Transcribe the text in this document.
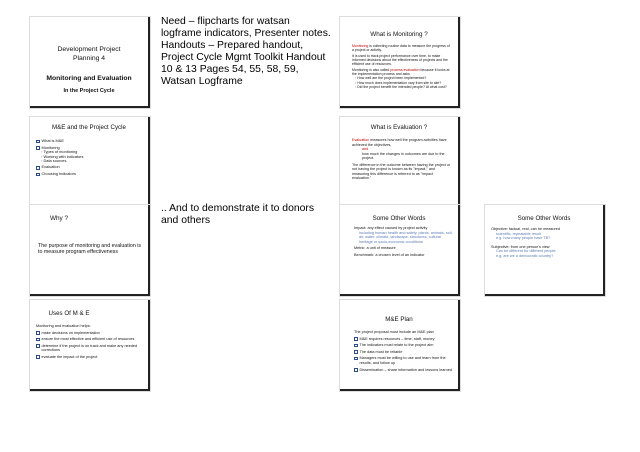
Need – flipcharts for watsan
logframe indicators, Presenter notes.
Handouts – Prepared handout,
Project Cycle Mgmt Toolkit Handout
10 & 13 Pages 54, 55, 58, 59,
Watsan Logframe
.. And to demonstrate it to donors
and others
Development Project
Planning 4
Monitoring and Evaluation
In the Project Cycle
What is Monitoring ?
Monitoring is collecting routine data to measure the progress of a project or activity.
It is used to track project performance over time, to make informed decisions about the effectiveness of projects and the efficient use of resources.
Monitoring is also called process evaluation because it looks at the implementation process and asks
◦ How well are the project been implemented?
◦ How much does implementation vary from site to site?
◦ Did the project benefit the intended people? At what cost?
M&E and the Project Cycle
What is M&E
Monitoring
◦ Types of monitoring
◦ Working with indicators
◦ Data sources
Evaluation
Choosing Indicators
What is Evaluation ?
Evaluation measures how well the program activities have achieved the objectives,
and
how much the changes in outcomes are due to the project.
The difference in the outcome between having the project or not having the project is known as its "impact," and measuring this difference is referred to as "impact evaluation."
Why ?
The purpose of monitoring and evaluation is to measure program effectiveness
Some Other Words
Impact: any effect caused by project activity
including human health and safety, plants, animals, soil, air, water, climate, landscape, structures, cultural heritage or socio-economic conditions
Metric: a unit of measure
Benchmark: a chosen level of an indicator
Some Other Words
Objective: factual, real, can be measured
scientific, repeatable result
e.g. how many people have TB?
Subjective: from one person's view
Can be different for different people
e.g. are we a democratic country?
Uses Of M & E
Monitoring and evaluation helps:
make decisions on implementation
ensure the most effective and efficient use of resources
determine if the project is on track and make any needed corrections
evaluate the impact of the project
M&E Plan
The project proposal must include an M&E plan
M&E requires resources – time, staff, money
The indicators must relate to the project aim
The data must be reliable
Managers must be willing to use and learn from the results, and follow up
Dissemination – share information and lessons learned
